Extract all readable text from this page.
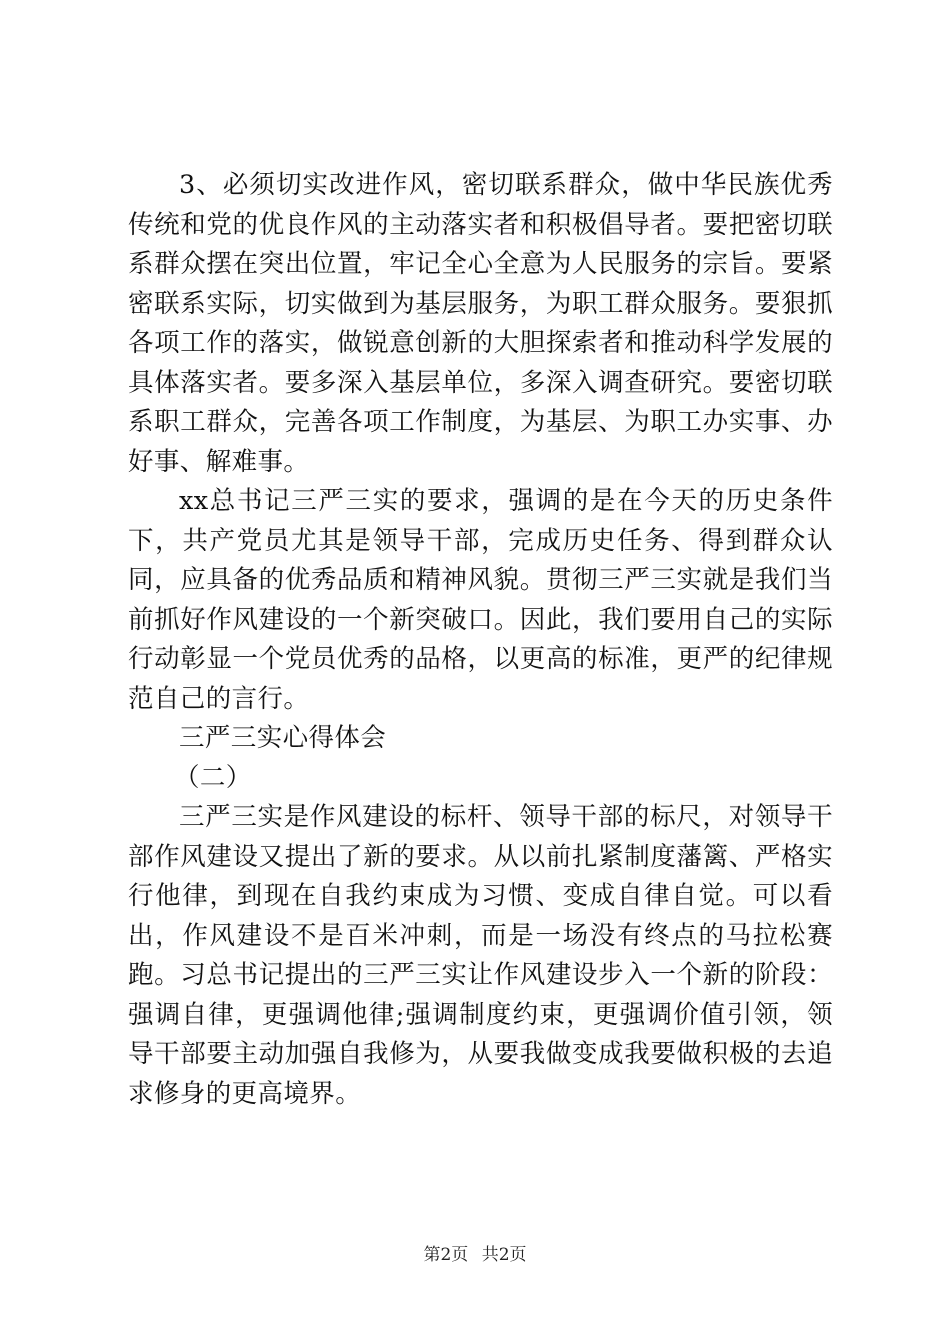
3、必须切实改进作风，密切联系群众，做中华民族优秀传统和党的优良作风的主动落实者和积极倡导者。要把密切联系群众摆在突出位置，牢记全心全意为人民服务的宗旨。要紧密联系实际，切实做到为基层服务，为职工群众服务。要狠抓各项工作的落实，做锐意创新的大胆探索者和推动科学发展的具体落实者。要多深入基层单位，多深入调查研究。要密切联系职工群众，完善各项工作制度，为基层、为职工办实事、办好事、解难事。

xx总书记三严三实的要求，强调的是在今天的历史条件下，共产党员尤其是领导干部，完成历史任务、得到群众认同，应具备的优秀品质和精神风貌。贯彻三严三实就是我们当前抓好作风建设的一个新突破口。因此，我们要用自己的实际行动彰显一个党员优秀的品格，以更高的标准，更严的纪律规范自己的言行。

三严三实心得体会

（二）

三严三实是作风建设的标杆、领导干部的标尺，对领导干部作风建设又提出了新的要求。从以前扎紧制度藩篱、严格实行他律，到现在自我约束成为习惯、变成自律自觉。可以看出，作风建设不是百米冲刺，而是一场没有终点的马拉松赛跑。习总书记提出的三严三实让作风建设步入一个新的阶段：强调自律，更强调他律;强调制度约束，更强调价值引领，领导干部要主动加强自我修为，从要我做变成我要做积极的去追求修身的更高境界。

第2页 共2页
